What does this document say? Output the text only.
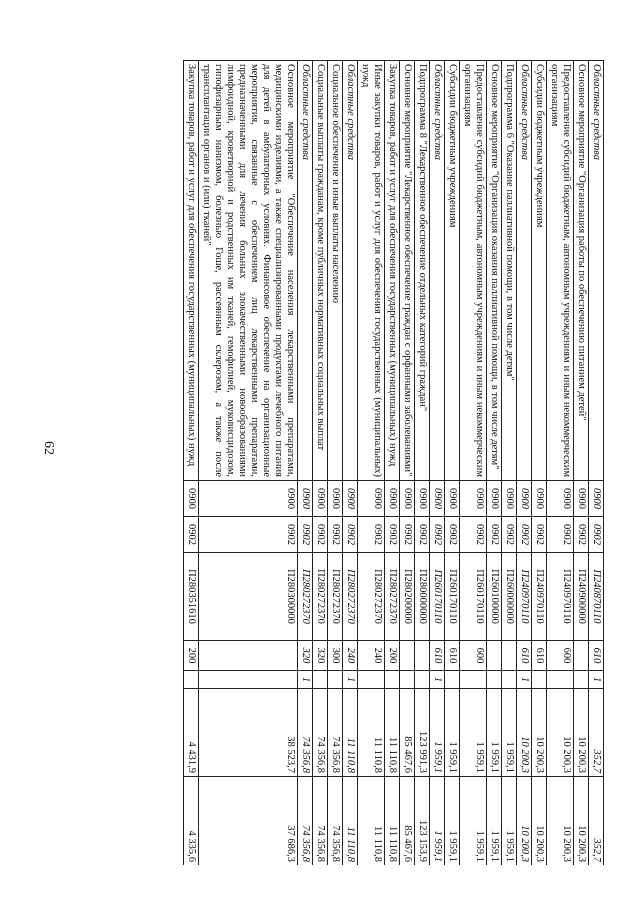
62
Областные средства	0900	0902	П240870110	610	1	352,7	352,7
Основное мероприятие "Организация работы по обеспечению питанием детей"	0900	0902	П240900000			10 200,3	10 200,3
Предоставление субсидий бюджетным, автономным учреждениям и иным некоммерческим организациям	0900	0902	П240970110	600		10 200,3	10 200,3
Субсидии бюджетным учреждениям	0900	0902	П240970110	610		10 200,3	10 200,3
Областные средства	0900	0902	П240970110	610	1	10 200,3	10 200,3
Подпрограмма 6 "Оказание паллиативной помощи, в том числе детям"	0900	0902	П260000000			1 959,1	1 959,1
Основное мероприятие "Организация оказания паллиативной помощи, в том числе детям"	0900	0902	П260100000			1 959,1	1 959,1
Предоставление субсидий бюджетным, автономным учреждениям и иным некоммерческим организациям	0900	0902	П260170110	600		1 959,1	1 959,1
Субсидии бюджетным учреждениям	0900	0902	П260170110	610		1 959,1	1 959,1
Областные средства	0900	0902	П260170110	610	1	1 959,1	1 959,1
Подпрограмма 8 "Лекарственное обеспечение отдельных категорий граждан"	0900	0902	П280000000			123 991,3	123 153,9
Основное мероприятие "Лекарственное обеспечение граждан с орфанными заболеваниями"	0900	0902	П280200000			85 467,6	85 467,6
Закупка товаров, работ и услуг для обеспечения государственных (муниципальных) нужд	0900	0902	П280272370	200		11 110,8	11 110,8
Иные закупки товаров, работ и услуг для обеспечения государственных (муниципальных) нужд	0900	0902	П280272370	240		11 110,8	11 110,8
Областные средства	0900	0902	П280272370	240	1	11 110,8	11 110,8
Социальное обеспечение и иные выплаты населению	0900	0902	П280272370	300		74 356,8	74 356,8
Социальные выплаты гражданам, кроме публичных нормативных социальных выплат	0900	0902	П280272370	320		74 356,8	74 356,8
Областные средства	0900	0902	П280272370	320	1	74 356,8	74 356,8
Основное мероприятие "Обеспечение населения лекарственными препаратами, медицинскими изделиями, а также специализированными продуктами лечебного питания для детей в амбулаторных условиях. Финансовое обеспечение на организационные мероприятия, связанные с обеспечением лиц лекарственными препаратами, предназначенными для лечения больных злокачественными новообразованиями лимфоидной, кроветворной и родственных им тканей, гемофилией, муковисцидозом, гипофизарным нанизмом, болезнью Гоше, рассеянным склерозом, а также после трансплантации органов и (или) тканей"	0900	0902	П280300000			38 523,7	37 686,3
Закупка товаров, работ и услуг для обеспечения государственных (муниципальных) нужд	0900	0902	П280351610	200		4 431,9	4 335,6
